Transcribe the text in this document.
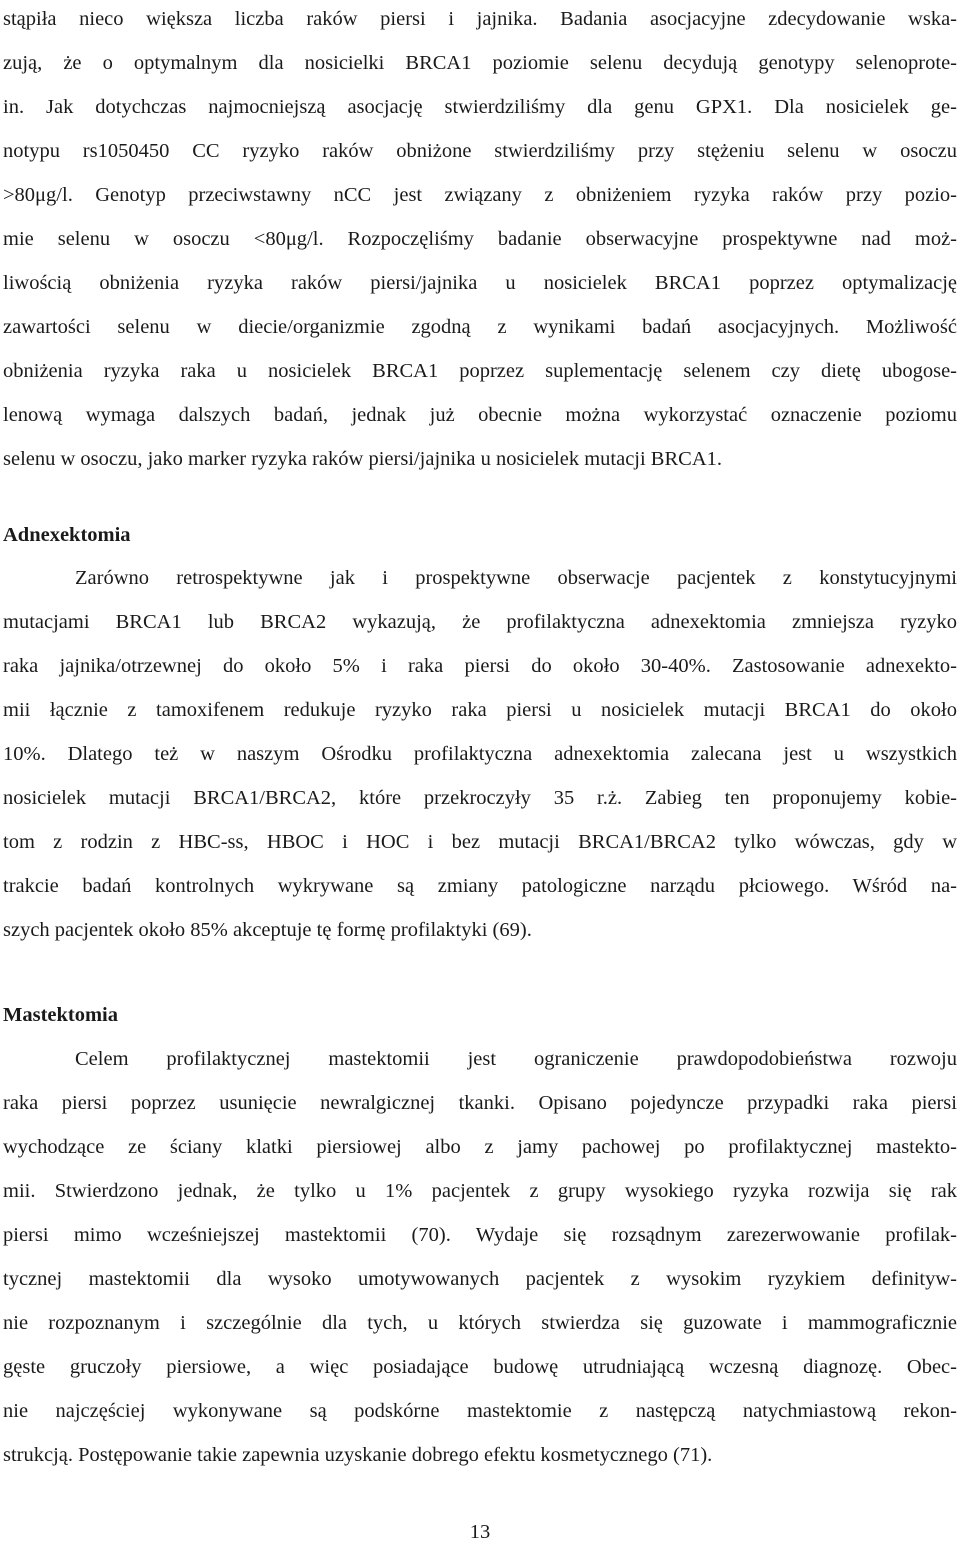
stąpiła nieco większa liczba raków piersi i jajnika. Badania asocjacyjne zdecydowanie wska-
zują, że o optymalnym dla nosicielki BRCA1 poziomie selenu decydują genotypy selenoprote-
in. Jak dotychczas najmocniejszą asocjację stwierdziliśmy dla genu GPX1. Dla nosicielek ge-
notypu rs1050450 CC ryzyko raków obniżone stwierdziliśmy przy stężeniu selenu w osoczu
>80μg/l. Genotyp przeciwstawny nCC jest związany z obniżeniem ryzyka raków przy pozio-
mie selenu w osoczu <80μg/l. Rozpoczęliśmy badanie obserwacyjne prospektywne nad moż-
liwością obniżenia ryzyka raków piersi/jajnika u nosicielek BRCA1 poprzez optymalizację
zawartości selenu w diecie/organizmie zgodną z wynikami badań asocjacyjnych. Możliwość
obniżenia ryzyka raka u nosicielek BRCA1 poprzez suplementację selenem czy dietę ubogose-
lenową wymaga dalszych badań, jednak już obecnie można wykorzystać oznaczenie poziomu
selenu w osoczu, jako marker ryzyka raków piersi/jajnika u nosicielek mutacji BRCA1.
Adnexektomia
Zarówno retrospektywne jak i prospektywne obserwacje pacjentek z konstytucyjnymi
mutacjami BRCA1 lub BRCA2 wykazują, że profilaktyczna adnexektomia zmniejsza ryzyko
raka jajnika/otrzewnej do około 5% i raka piersi do około 30-40%. Zastosowanie adnexekto-
mii łącznie z tamoxifenem redukuje ryzyko raka piersi u nosicielek mutacji BRCA1 do około
10%. Dlatego też w naszym Ośrodku profilaktyczna adnexektomia zalecana jest u wszystkich
nosicielek mutacji BRCA1/BRCA2, które przekroczyły 35 r.ż. Zabieg ten proponujemy kobie-
tom z rodzin z HBC-ss, HBOC i HOC i bez mutacji BRCA1/BRCA2 tylko wówczas, gdy w
trakcie badań kontrolnych wykrywane są zmiany patologiczne narządu płciowego. Wśród na-
szych pacjentek około 85% akceptuje tę formę profilaktyki (69).
Mastektomia
Celem profilaktycznej mastektomii jest ograniczenie prawdopodobieństwa rozwoju
raka piersi poprzez usunięcie newralgicznej tkanki. Opisano pojedyncze przypadki raka piersi
wychodzące ze ściany klatki piersiowej albo z jamy pachowej po profilaktycznej mastekto-
mii. Stwierdzono jednak, że tylko u 1% pacjentek z grupy wysokiego ryzyka rozwija się rak
piersi mimo wcześniejszej mastektomii (70). Wydaje się rozsądnym zarezerwowanie profilak-
tycznej mastektomii dla wysoko umotywowanych pacjentek z wysokim ryzykiem definityw-
nie rozpoznanym i szczególnie dla tych, u których stwierdza się guzowate i mammograficznie
gęste gruczoły piersiowe, a więc posiadające budowę utrudniającą wczesną diagnozę. Obec-
nie najczęściej wykonywane są podskórne mastektomie z następczą natychmiastową rekon-
strukcją. Postępowanie takie zapewnia uzyskanie dobrego efektu kosmetycznego (71).
13
